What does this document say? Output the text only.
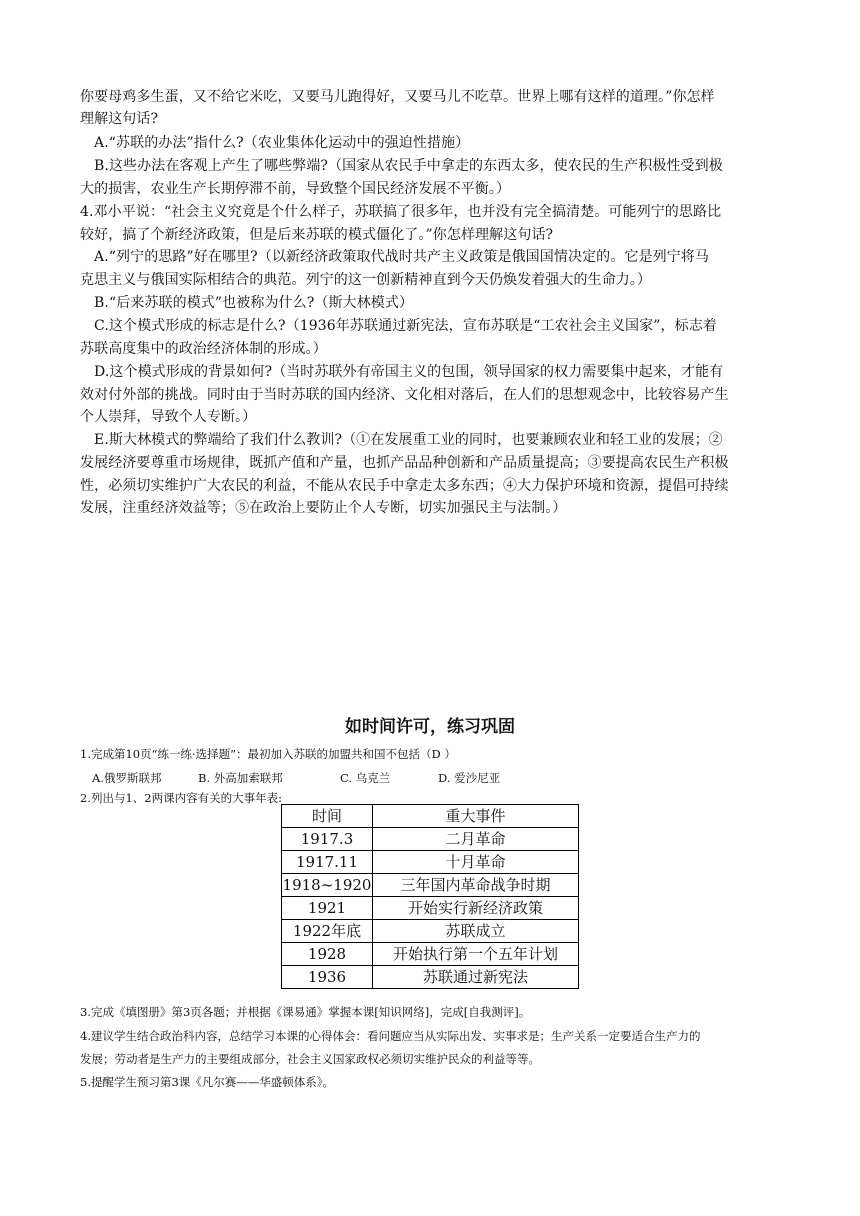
你要母鸡多生蛋，又不给它米吃，又要马儿跑得好，又要马儿不吃草。世界上哪有这样的道理。”你怎样

理解这句话?

A.“苏联的办法”指什么?（农业集体化运动中的强迫性措施）

B.这些办法在客观上产生了哪些弊端?（国家从农民手中拿走的东西太多，使农民的生产积极性受到极

大的损害，农业生产长期停滞不前，导致整个国民经济发展不平衡。）

4.邓小平说：“社会主义究竟是个什么样子，苏联搞了很多年，也并没有完全搞清楚。可能列宁的思路比

较好，搞了个新经济政策，但是后来苏联的模式僵化了。”你怎样理解这句话?

A.“列宁的思路”好在哪里?（以新经济政策取代战时共产主义政策是俄国国情决定的。它是列宁将马

克思主义与俄国实际相结合的典范。列宁的这一创新精神直到今天仍焕发着强大的生命力。）

B.“后来苏联的模式”也被称为什么?（斯大林模式）

C.这个模式形成的标志是什么?（1936年苏联通过新宪法，宣布苏联是“工农社会主义国家”，标志着

苏联高度集中的政治经济体制的形成。）

D.这个模式形成的背景如何?（当时苏联外有帝国主义的包围，领导国家的权力需要集中起来，才能有

效对付外部的挑战。同时由于当时苏联的国内经济、文化相对落后，在人们的思想观念中，比较容易产生

个人崇拜，导致个人专断。）

E.斯大林模式的弊端给了我们什么教训?（①在发展重工业的同时，也要兼顾农业和轻工业的发展；②

发展经济要尊重市场规律，既抓产值和产量，也抓产品品种创新和产品质量提高；③要提高农民生产积极

性，必须切实维护广大农民的利益，不能从农民手中拿走太多东西；④大力保护环境和资源，提倡可持续

发展，注重经济效益等；⑤在政治上要防止个人专断，切实加强民主与法制。）

如时间许可，练习巩固

1.完成第10页“练一练·选择题”：最初加入苏联的加盟共和国不包括（D ）

A.俄罗斯联邦	B. 外高加索联邦	C. 乌克兰	D. 爱沙尼亚

2.列出与1、2两课内容有关的大事年表:

时间	重大事件
1917.3	二月革命
1917.11	十月革命
1918~1920	三年国内革命战争时期
1921	开始实行新经济政策
1922年底	苏联成立
1928	开始执行第一个五年计划
1936	苏联通过新宪法

3.完成《填图册》第3页各题；并根据《课易通》掌握本课[知识网络]，完成[自我测评]。

4.建议学生结合政治科内容，总结学习本课的心得体会：看问题应当从实际出发、实事求是；生产关系一定要适合生产力的

发展；劳动者是生产力的主要组成部分，社会主义国家政权必须切实维护民众的利益等等。

5.提醒学生预习第3课《凡尔赛——华盛顿体系》。
